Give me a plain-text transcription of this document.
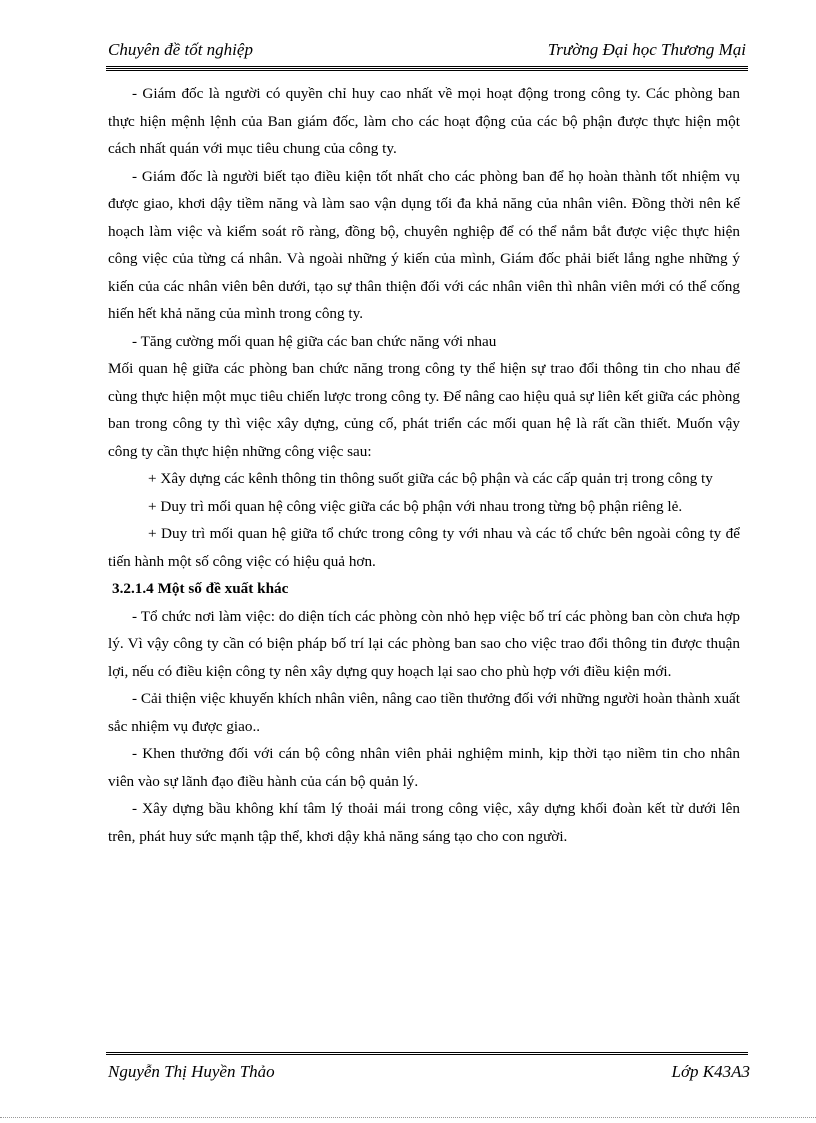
Chuyên đề tốt nghiệp	Trường Đại học Thương Mại

- Giám đốc là người có quyền chỉ huy cao nhất về mọi hoạt động trong công ty. Các phòng ban thực hiện mệnh lệnh của Ban giám đốc, làm cho các hoạt động của các bộ phận được thực hiện một cách nhất quán với mục tiêu chung của công ty.

- Giám đốc là người biết tạo điều kiện tốt nhất cho các phòng ban để họ hoàn thành tốt nhiệm vụ được giao, khơi dậy tiềm năng và làm sao vận dụng tối đa khả năng của nhân viên. Đồng thời nên kế hoạch làm việc và kiểm soát rõ ràng, đồng bộ, chuyên nghiệp để có thể nắm bắt được việc thực hiện công việc của từng cá nhân. Và ngoài những ý kiến của mình, Giám đốc phải biết lắng nghe những ý kiến của các nhân viên bên dưới, tạo sự thân thiện đối với các nhân viên thì nhân viên mới có thể cống hiến hết khả năng của mình trong công ty.

- Tăng cường mối quan hệ giữa các ban chức năng với nhau

Mối quan hệ giữa các phòng ban chức năng trong công ty thể hiện sự trao đổi thông tin cho nhau để cùng thực hiện một mục tiêu chiến lược trong công ty. Để nâng cao hiệu quả sự liên kết giữa các phòng ban trong công ty thì việc xây dựng, củng cố, phát triển các mối quan hệ là rất cần thiết. Muốn vậy công ty cần thực hiện những công việc sau:

+ Xây dựng các kênh thông tin thông suốt giữa các bộ phận và các cấp quản trị trong công ty

+ Duy trì mối quan hệ công việc giữa các bộ phận với nhau trong từng bộ phận riêng lẻ.

+ Duy trì mối quan hệ giữa tổ chức trong công ty với nhau và các tổ chức bên ngoài công ty để tiến hành một số công việc có hiệu quả hơn.

3.2.1.4 Một số đề xuất khác

- Tổ chức nơi làm việc: do diện tích các phòng còn nhỏ hẹp việc bố trí các phòng ban còn chưa hợp lý. Vì vậy công ty cần có biện pháp bố trí lại các phòng ban sao cho việc trao đổi thông tin được thuận lợi, nếu có điều kiện công ty nên xây dựng quy hoạch lại sao cho phù hợp với điều kiện mới.

- Cải thiện việc khuyến khích nhân viên, nâng cao tiền thưởng đối với những người hoàn thành xuất sắc nhiệm vụ được giao..

- Khen thưởng đối với cán bộ công nhân viên phải nghiệm minh, kịp thời tạo niềm tin cho nhân viên vào sự lãnh đạo điều hành của cán bộ quản lý.

- Xây dựng bầu không khí tâm lý thoải mái trong công việc, xây dựng khối đoàn kết từ dưới lên trên, phát huy sức mạnh tập thể, khơi dậy khả năng sáng tạo cho con người.

Nguyễn Thị Huyền Thảo	Lớp K43A3
